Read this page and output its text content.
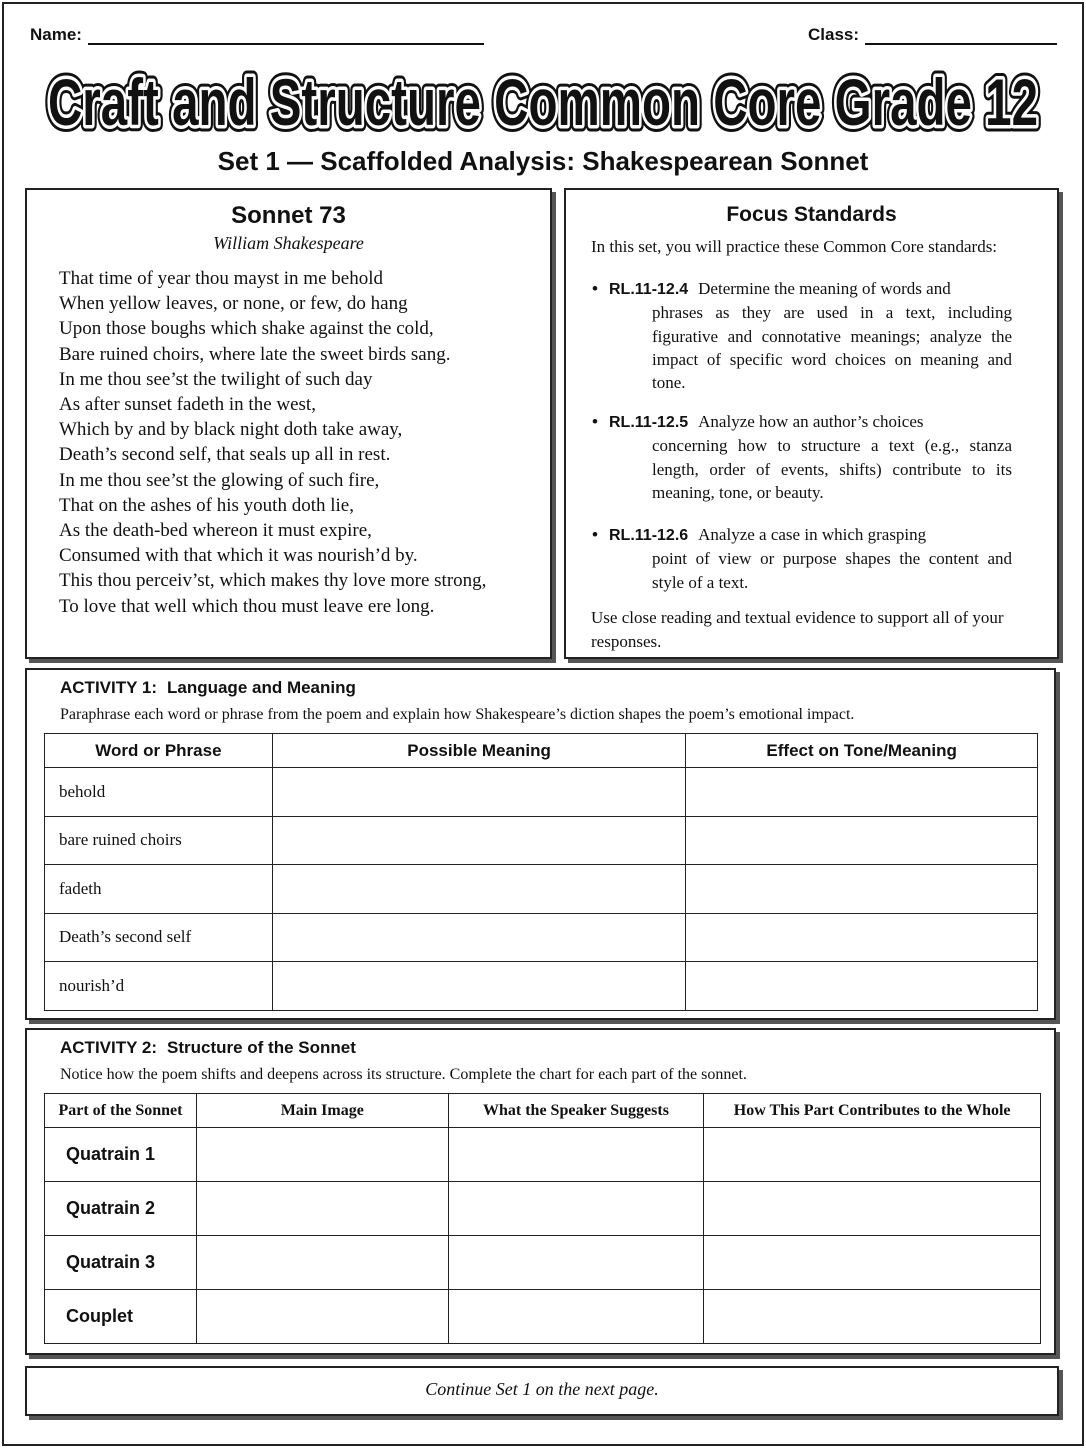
Name:	Class:
Craft and Structure Common Core Grade 12
Craft and Structure Common Core Grade 12
Craft and Structure Common Core Grade 12
Set 1 — Scaffolded Analysis: Shakespearean Sonnet
Sonnet 73
William Shakespeare
That time of year thou mayst in me behold
When yellow leaves, or none, or few, do hang
Upon those boughs which shake against the cold,
Bare ruined choirs, where late the sweet birds sang.
In me thou see’st the twilight of such day
As after sunset fadeth in the west,
Which by and by black night doth take away,
Death’s second self, that seals up all in rest.
In me thou see’st the glowing of such fire,
That on the ashes of his youth doth lie,
As the death-bed whereon it must expire,
Consumed with that which it was nourish’d by.
This thou perceiv’st, which makes thy love more strong,
To love that well which thou must leave ere long.
Focus Standards
In this set, you will practice these Common Core standards:
• RL.11-12.4 Determine the meaning of words and
phrases as they are used in a text, including figurative and connotative meanings; analyze the impact of specific word choices on meaning and tone.
• RL.11-12.5 Analyze how an author’s choices
concerning how to structure a text (e.g., stanza length, order of events, shifts) contribute to its meaning, tone, or beauty.
• RL.11-12.6 Analyze a case in which grasping
point of view or purpose shapes the content and style of a text.
Use close reading and textual evidence to support all of your responses.
ACTIVITY 1: Language and Meaning
Paraphrase each word or phrase from the poem and explain how Shakespeare’s diction shapes the poem’s emotional impact.
Word or Phrase	Possible Meaning	Effect on Tone/Meaning
behold		
bare ruined choirs		
fadeth		
Death’s second self		
nourish’d		
ACTIVITY 2: Structure of the Sonnet
Notice how the poem shifts and deepens across its structure. Complete the chart for each part of the sonnet.
Part of the Sonnet	Main Image	What the Speaker Suggests	How This Part Contributes to the Whole
Quatrain 1			
Quatrain 2			
Quatrain 3			
Couplet			
Continue Set 1 on the next page.
